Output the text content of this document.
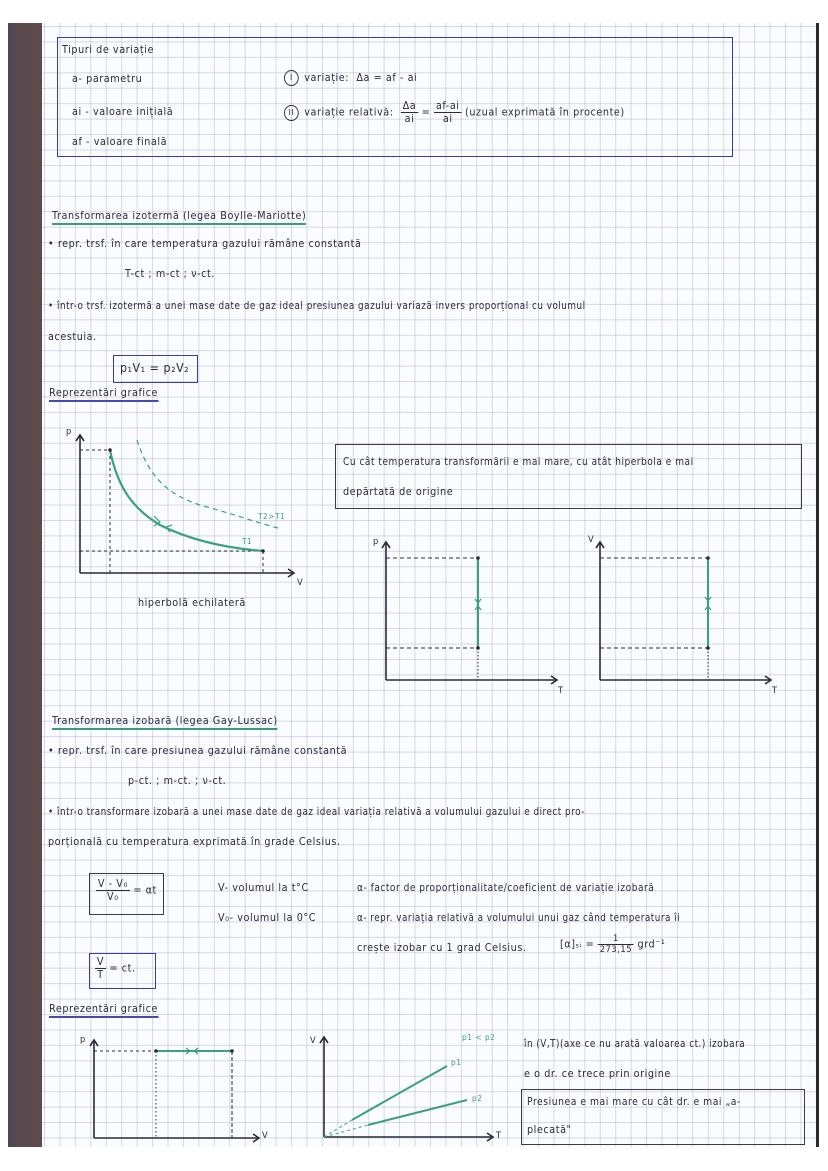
Tipuri de variație
a- parametru
ai - valoare inițială
af - valoare finală
I variație: Δa = af - ai
II variație relativă: $\frac{\Delta a}{ai} = \frac{af-ai}{ai}$ (uzual exprimată în procente)
Transformarea izotermă (legea Boylle-Mariotte)
• repr. trsf. în care temperatura gazului rămâne constantă
T-ct ; m-ct ; ν-ct.
• într-o trsf. izotermă a unei mase date de gaz ideal presiunea gazului variază invers proporțional cu volumul
acestuia.
p₁V₁ = p₂V₂
Reprezentări grafice
p
V
T2>T1
T1
hiperbolă echilateră
Cu cât temperatura transformării e mai mare, cu atât hiperbola e mai
depărtată de origine
p
T
V
T
Transformarea izobară (legea Gay-Lussac)
• repr. trsf. în care presiunea gazului rămâne constantă
p-ct. ; m-ct. ; ν-ct.
• într-o transformare izobară a unei mase date de gaz ideal variația relativă a volumului gazului e direct pro-
porțională cu temperatura exprimată în grade Celsius.
$\frac{\text{V - V₀}}{\text{V₀}} = \alpha t$
$\frac{V}{T}$ = ct.
V- volumul la t°C
V₀- volumul la 0°C
α- factor de proporționalitate/coeficient de variație izobară
α- repr. variația relativă a volumului unui gaz când temperatura îi
crește izobar cu 1 grad Celsius.	[α]ₛᵢ = $\frac{1}{273,15} grd^{-1}$
Reprezentări grafice
p
V
V
T
p1 < p2
p1
p2
în (V,T)(axe ce nu arată valoarea ct.) izobara
e o dr. ce trece prin origine
Presiunea e mai mare cu cât dr. e mai „a-
plecată"
